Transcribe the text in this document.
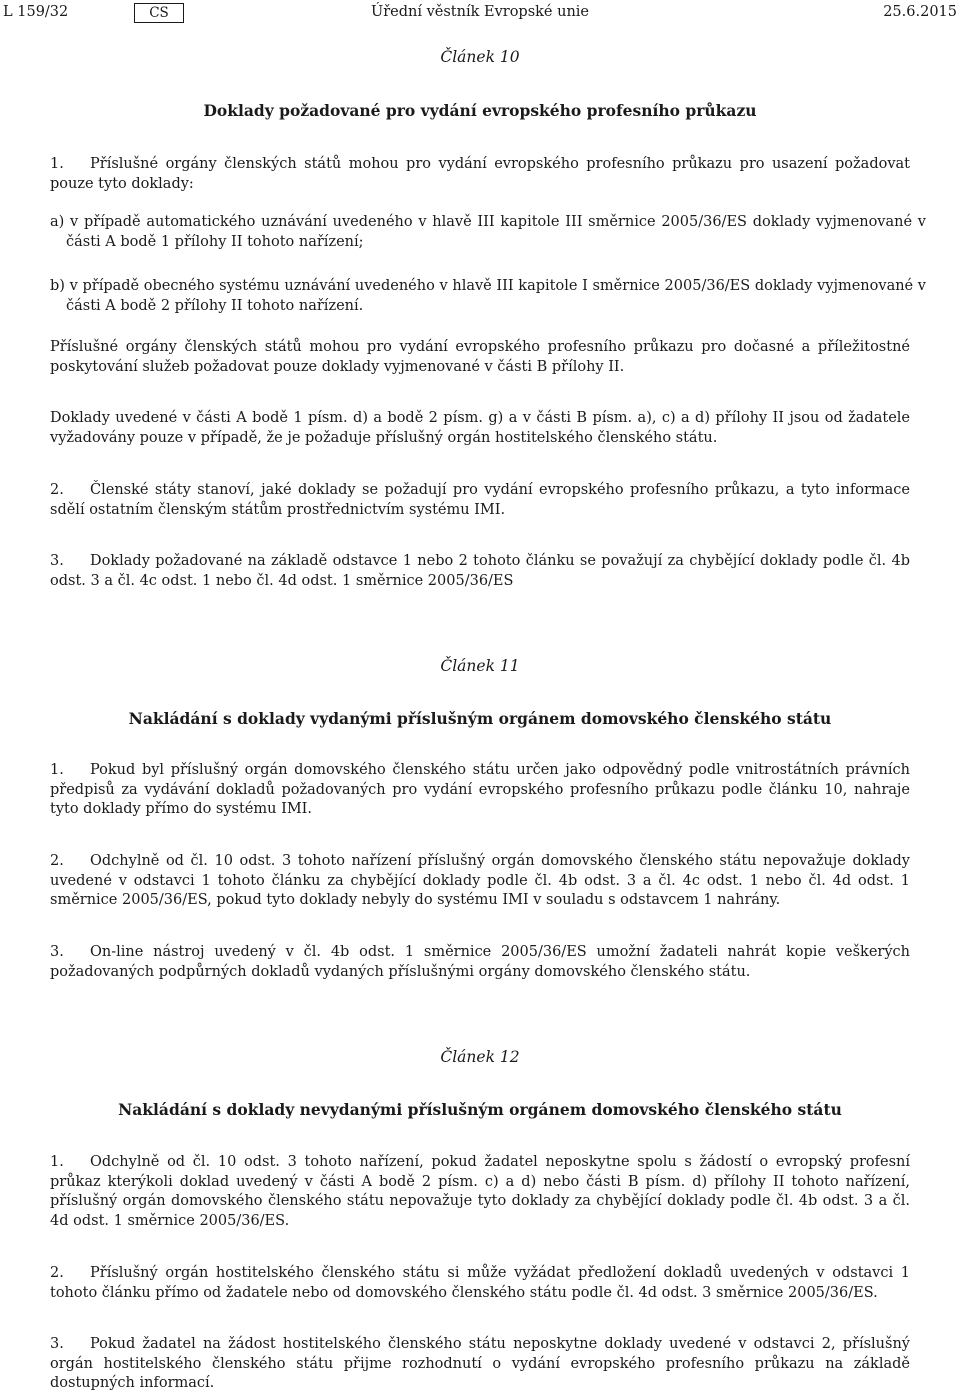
L 159/32	CS	Úřední věstník Evropské unie	25.6.2015
Článek 10
Doklady požadované pro vydání evropského profesního průkazu

1. Příslušné orgány členských států mohou pro vydání evropského profesního průkazu pro usazení požadovat pouze tyto doklady:

a) v případě automatického uznávání uvedeného v hlavě III kapitole III směrnice 2005/36/ES doklady vyjmenované v části A bodě 1 přílohy II tohoto nařízení;

b) v případě obecného systému uznávání uvedeného v hlavě III kapitole I směrnice 2005/36/ES doklady vyjmenované v části A bodě 2 přílohy II tohoto nařízení.

Příslušné orgány členských států mohou pro vydání evropského profesního průkazu pro dočasné a příležitostné poskytování služeb požadovat pouze doklady vyjmenované v části B přílohy II.

Doklady uvedené v části A bodě 1 písm. d) a bodě 2 písm. g) a v části B písm. a), c) a d) přílohy II jsou od žadatele vyžadovány pouze v případě, že je požaduje příslušný orgán hostitelského členského státu.

2. Členské státy stanoví, jaké doklady se požadují pro vydání evropského profesního průkazu, a tyto informace sdělí ostatním členským státům prostřednictvím systému IMI.

3. Doklady požadované na základě odstavce 1 nebo 2 tohoto článku se považují za chybějící doklady podle čl. 4b odst. 3 a čl. 4c odst. 1 nebo čl. 4d odst. 1 směrnice 2005/36/ES

Článek 11
Nakládání s doklady vydanými příslušným orgánem domovského členského státu

1. Pokud byl příslušný orgán domovského členského státu určen jako odpovědný podle vnitrostátních právních předpisů za vydávání dokladů požadovaných pro vydání evropského profesního průkazu podle článku 10, nahraje tyto doklady přímo do systému IMI.

2. Odchylně od čl. 10 odst. 3 tohoto nařízení příslušný orgán domovského členského státu nepovažuje doklady uvedené v odstavci 1 tohoto článku za chybějící doklady podle čl. 4b odst. 3 a čl. 4c odst. 1 nebo čl. 4d odst. 1 směrnice 2005/36/ES, pokud tyto doklady nebyly do systému IMI v souladu s odstavcem 1 nahrány.

3. On-line nástroj uvedený v čl. 4b odst. 1 směrnice 2005/36/ES umožní žadateli nahrát kopie veškerých požadovaných podpůrných dokladů vydaných příslušnými orgány domovského členského státu.

Článek 12
Nakládání s doklady nevydanými příslušným orgánem domovského členského státu

1. Odchylně od čl. 10 odst. 3 tohoto nařízení, pokud žadatel neposkytne spolu s žádostí o evropský profesní průkaz kterýkoli doklad uvedený v části A bodě 2 písm. c) a d) nebo části B písm. d) přílohy II tohoto nařízení, příslušný orgán domovského členského státu nepovažuje tyto doklady za chybějící doklady podle čl. 4b odst. 3 a čl. 4d odst. 1 směrnice 2005/36/ES.

2. Příslušný orgán hostitelského členského státu si může vyžádat předložení dokladů uvedených v odstavci 1 tohoto článku přímo od žadatele nebo od domovského členského státu podle čl. 4d odst. 3 směrnice 2005/36/ES.

3. Pokud žadatel na žádost hostitelského členského státu neposkytne doklady uvedené v odstavci 2, příslušný orgán hostitelského členského státu přijme rozhodnutí o vydání evropského profesního průkazu na základě dostupných informací.
